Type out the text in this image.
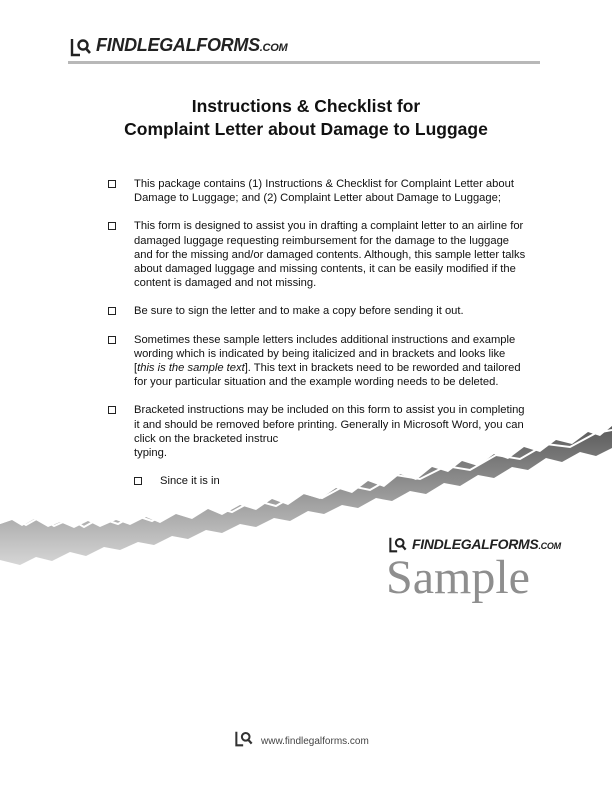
FINDLEGALFORMS.COM
Instructions & Checklist for
Complaint Letter about Damage to Luggage
This package contains (1) Instructions & Checklist for Complaint Letter about Damage to Luggage; and (2) Complaint Letter about Damage to Luggage;
This form is designed to assist you in drafting a complaint letter to an airline for damaged luggage requesting reimbursement for the damage to the luggage and for the missing and/or damaged contents. Although, this sample letter talks about damaged luggage and missing contents, it can be easily modified if the content is damaged and not missing.
Be sure to sign the letter and to make a copy before sending it out.
Sometimes these sample letters includes additional instructions and example wording which is indicated by being italicized and in brackets and looks like [this is the sample text]. This text in brackets need to be reworded and tailored for your particular situation and the example wording needs to be deleted.
Bracketed instructions may be included on this form to assist you in completing it and should be removed before printing. Generally in Microsoft Word, you can click on the bracketed instruc
typing.
Since it is in
FINDLEGALFORMS.COM
Sample
www.findlegalforms.com
